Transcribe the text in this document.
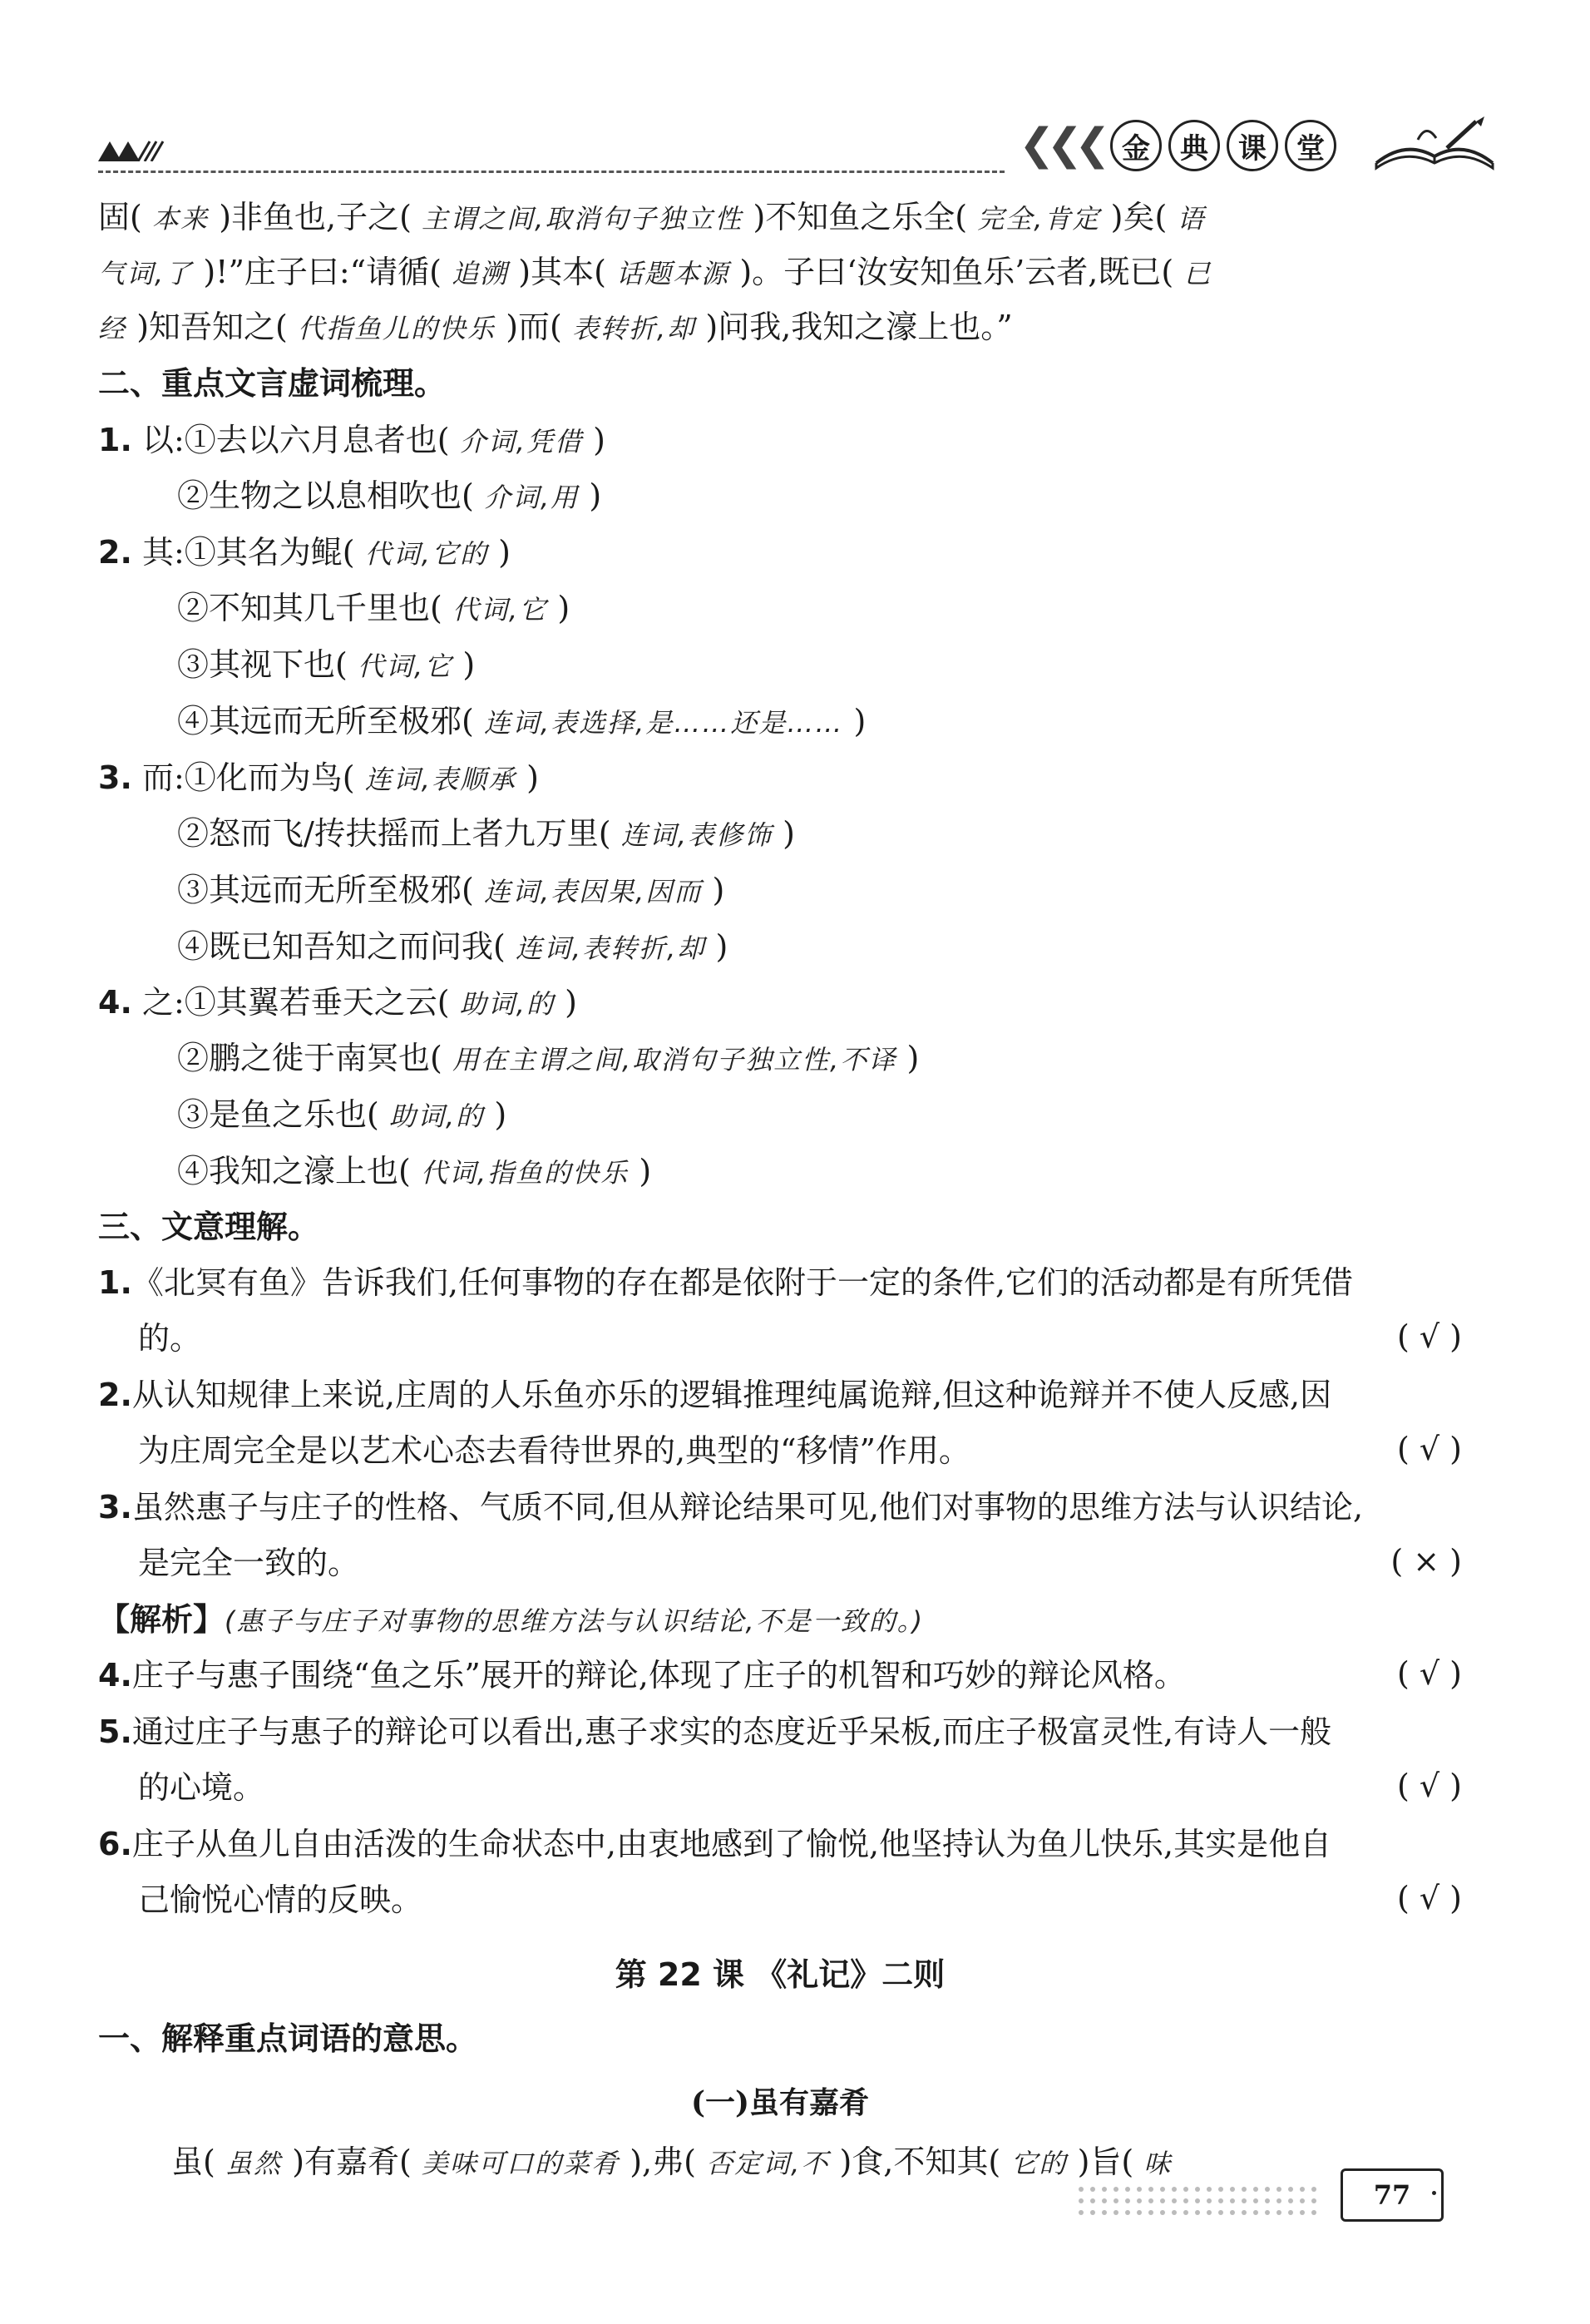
❮❮❮ 金	典	课	堂
固( 本来 )非鱼也,子之( 主谓之间,取消句子独立性 )不知鱼之乐全( 完全,肯定 )矣( 语
气词,了 )!”庄子曰:“请循( 追溯 )其本( 话题本源 )。子曰‘汝安知鱼乐’云者,既已( 已
经 )知吾知之( 代指鱼儿的快乐 )而( 表转折,却 )问我,我知之濠上也。”
二、重点文言虚词梳理。
1. 以:①去以六月息者也( 介词,凭借 )
②生物之以息相吹也( 介词,用 )
2. 其:①其名为鲲( 代词,它的 )
②不知其几千里也( 代词,它 )
③其视下也( 代词,它 )
④其远而无所至极邪( 连词,表选择,是……还是…… )
3. 而:①化而为鸟( 连词,表顺承 )
②怒而飞/抟扶摇而上者九万里( 连词,表修饰 )
③其远而无所至极邪( 连词,表因果,因而 )
④既已知吾知之而问我( 连词,表转折,却 )
4. 之:①其翼若垂天之云( 助词,的 )
②鹏之徙于南冥也( 用在主谓之间,取消句子独立性,不译 )
③是鱼之乐也( 助词,的 )
④我知之濠上也( 代词,指鱼的快乐 )
三、文意理解。
1.《北冥有鱼》告诉我们,任何事物的存在都是依附于一定的条件,它们的活动都是有所凭借
的。	( √ )
2.从认知规律上来说,庄周的人乐鱼亦乐的逻辑推理纯属诡辩,但这种诡辩并不使人反感,因
为庄周完全是以艺术心态去看待世界的,典型的“移情”作用。	( √ )
3.虽然惠子与庄子的性格、气质不同,但从辩论结果可见,他们对事物的思维方法与认识结论,
是完全一致的。	( × )
【解析】(惠子与庄子对事物的思维方法与认识结论,不是一致的。)
4.庄子与惠子围绕“鱼之乐”展开的辩论,体现了庄子的机智和巧妙的辩论风格。	( √ )
5.通过庄子与惠子的辩论可以看出,惠子求实的态度近乎呆板,而庄子极富灵性,有诗人一般
的心境。	( √ )
6.庄子从鱼儿自由活泼的生命状态中,由衷地感到了愉悦,他坚持认为鱼儿快乐,其实是他自
己愉悦心情的反映。	( √ )
第 22 课 《礼记》二则
一、解释重点词语的意思。
(一)虽有嘉肴
虽( 虽然 )有嘉肴( 美味可口的菜肴 ),弗( 否定词,不 )食,不知其( 它的 )旨( 味
77
